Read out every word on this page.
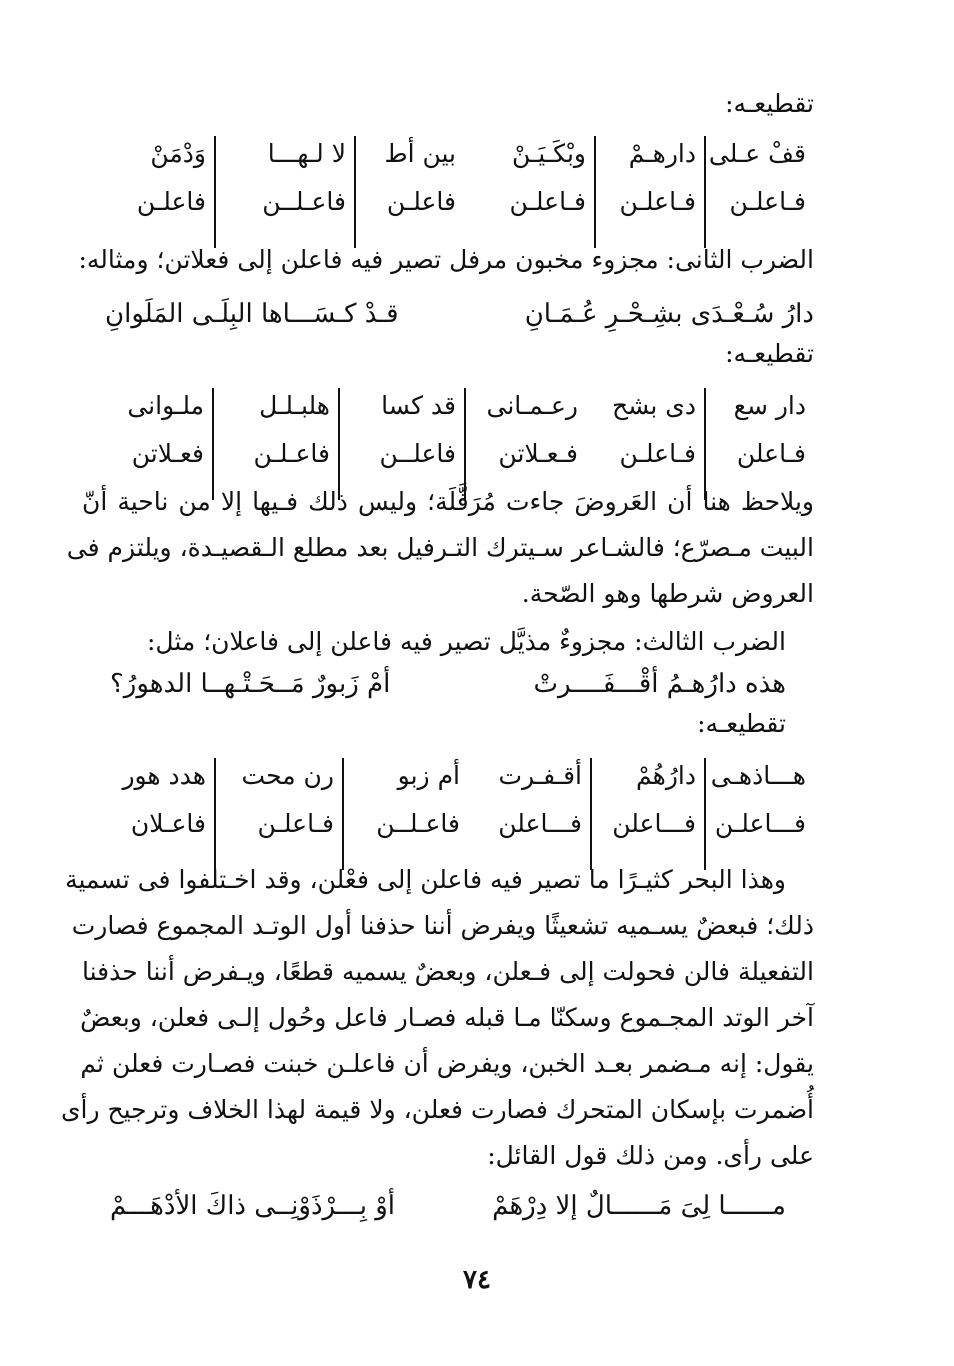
تقطيعـه:
قفْ عـلى
فـاعلـن
دارهـمْ
فـاعلـن
وبْكَـيَـنْ
فـاعلـن
بين أط
فاعلـن
لا لـهـــا
فاعـلــن
وَدْمَنْ
فاعلـن
الضرب الثانى: مجزوء مخبون مرفل تصير فيه فاعلن إلى فعلاتن؛ ومثاله:
دارُ سُـعْـدَى بشِـحْـرِ عُـمَـانِ
قـدْ كـسَـــاها البِلَـى المَلَوانِ
تقطيعـه:
دار سع
فـاعلن
دى بشح
فـاعلـن
رعـمـانى
فـعـلاتن
قد كسا
فاعلــن
هلبـلـل
فاعـلـن
ملـوانى
فعـلاتن
ويلاحظ هنا أن العَروضَ جاءت مُرَفَّلَة؛ وليس ذلك فـيها إلا من ناحية أنّ
البيت مـصرّع؛ فالشـاعر سـيترك التـرفيل بعد مطلع الـقصيـدة، ويلتزم فى
العروض شرطها وهو الصّحة.
الضرب الثالث: مجزوءٌ مذيَّل تصير فيه فاعلن إلى فاعلان؛ مثل:
هذه دارُهـمُ أقْـــفَــــرتْ
أمْ زَبورٌ مَــحَـتْـهــا الدهورُ؟
تقطيعـه:
هـــاذهـى
فـــاعلـن
دارُهُمْ
فـــاعلن
أقـفـرت
فـــاعلن
أم زبو
فاعـلــن
رن محت
فـاعلـن
هدد هور
فاعـلان
وهذا البحر كثيـرًا ما تصير فيه فاعلن إلى فعْلن، وقد اخـتلفوا فى تسمية
ذلك؛ فبعضٌ يسـميه تشعيثًا ويفرض أننا حذفنا أول الوتـد المجموع فصارت
التفعيلة فالن فحولت إلى فـعلن، وبعضٌ يسميه قطعًا، ويـفرض أننا حذفنا
آخر الوتد المجـموع وسكنّا مـا قبله فصـار فاعل وحُول إلـى فعلن، وبعضٌ
يقول: إنه مـضمر بعـد الخبن، ويفرض أن فاعلـن خبنت فصـارت فعلن ثم
أُضمرت بإسكان المتحرك فصارت فعلن، ولا قيمة لهذا الخلاف وترجيح رأى
على رأى. ومن ذلك قول القائل:
مــــــا لِىَ مَــــــالٌ إلا دِرْهَمْ
أوْ بِـــرْذَوْنِــى ذاكَ الأدْهَـــمْ
٧٤
